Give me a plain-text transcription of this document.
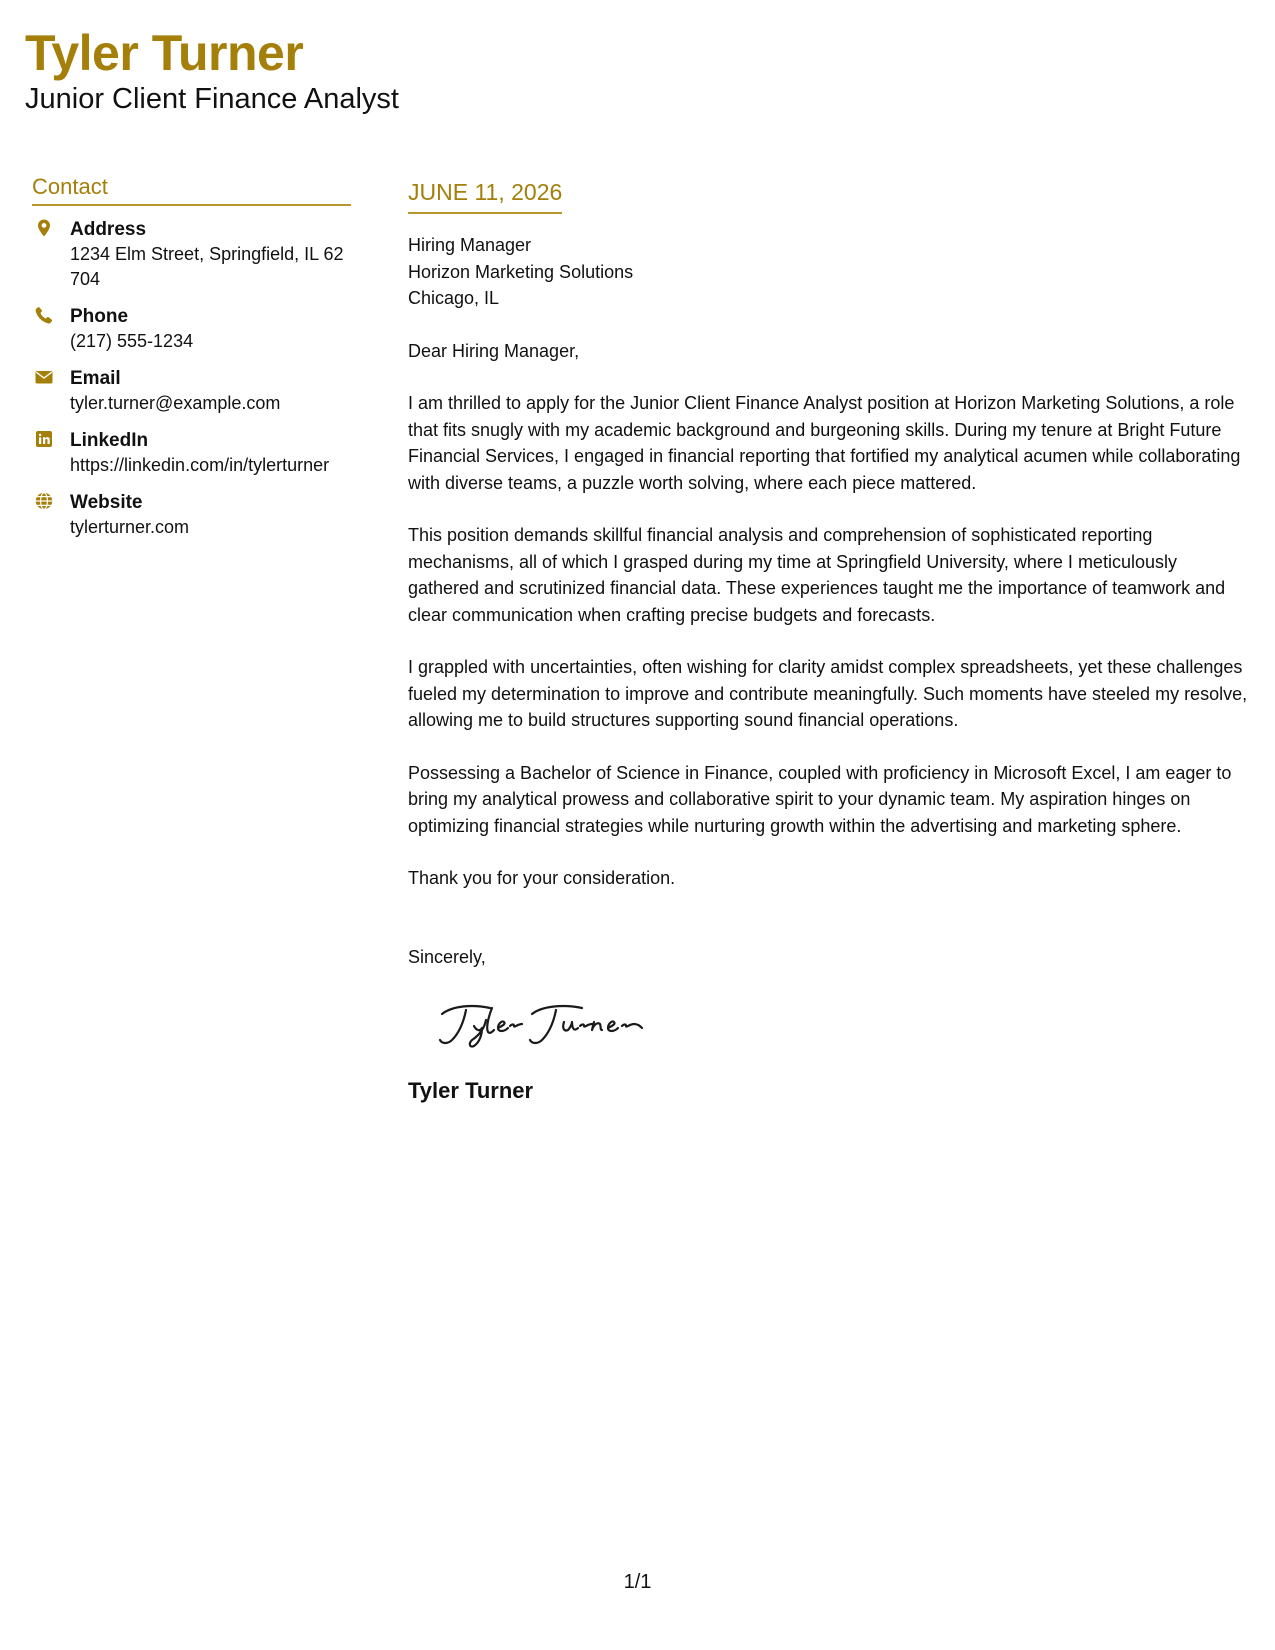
Tyler Turner
Junior Client Finance Analyst
Contact
Address
1234 Elm Street, Springfield, IL 62704
Phone
(217) 555-1234
Email
tyler.turner@example.com
LinkedIn
https://linkedin.com/in/tylerturner
Website
tylerturner.com
JUNE 11, 2026
Hiring Manager
Horizon Marketing Solutions
Chicago, IL
Dear Hiring Manager,
I am thrilled to apply for the Junior Client Finance Analyst position at Horizon Marketing Solutions, a role that fits snugly with my academic background and burgeoning skills. During my tenure at Bright Future Financial Services, I engaged in financial reporting that fortified my analytical acumen while collaborating with diverse teams, a puzzle worth solving, where each piece mattered.
This position demands skillful financial analysis and comprehension of sophisticated reporting mechanisms, all of which I grasped during my time at Springfield University, where I meticulously gathered and scrutinized financial data. These experiences taught me the importance of teamwork and clear communication when crafting precise budgets and forecasts.
I grappled with uncertainties, often wishing for clarity amidst complex spreadsheets, yet these challenges fueled my determination to improve and contribute meaningfully. Such moments have steeled my resolve, allowing me to build structures supporting sound financial operations.
Possessing a Bachelor of Science in Finance, coupled with proficiency in Microsoft Excel, I am eager to bring my analytical prowess and collaborative spirit to your dynamic team. My aspiration hinges on optimizing financial strategies while nurturing growth within the advertising and marketing sphere.
Thank you for your consideration.
Sincerely,
Tyler Turner
1/1
